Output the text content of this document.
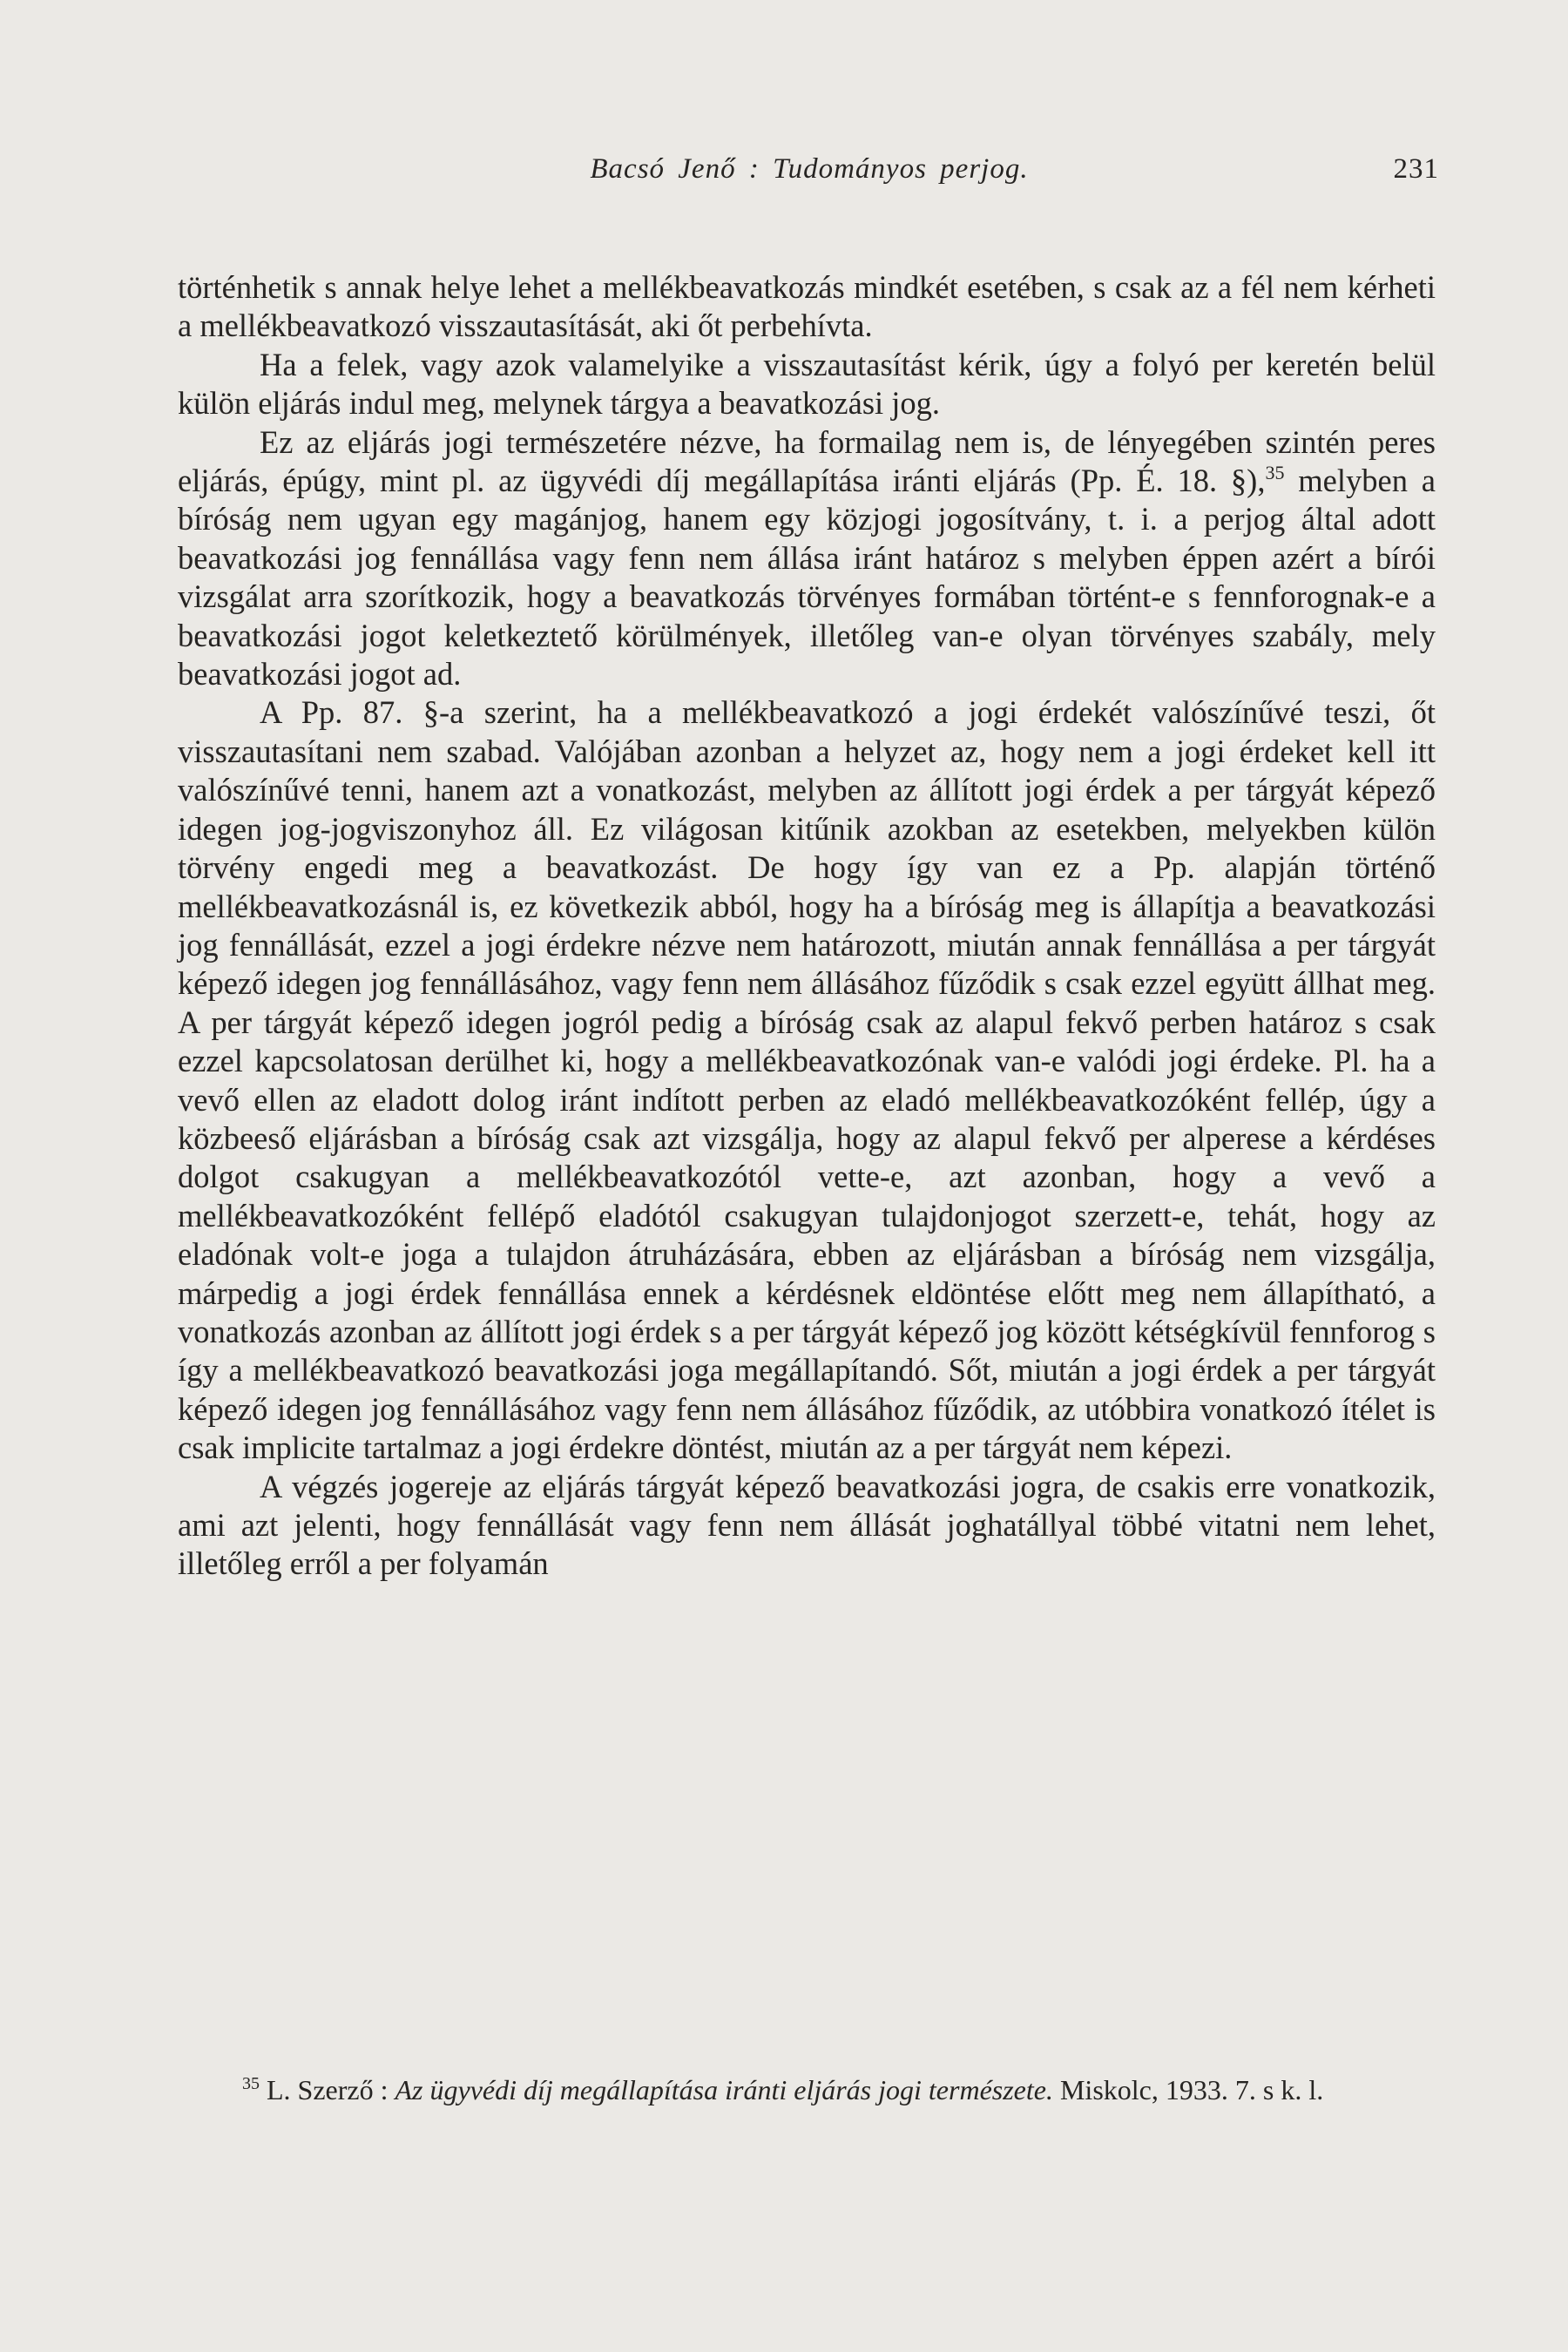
Bacsó Jenő : Tudományos perjog.	231

történhetik s annak helye lehet a mellékbeavatkozás mindkét esetében, s csak az a fél nem kérheti a mellékbeavatkozó visszautasítását, aki őt perbehívta.

Ha a felek, vagy azok valamelyike a visszautasítást kérik, úgy a folyó per keretén belül külön eljárás indul meg, melynek tárgya a beavatkozási jog.

Ez az eljárás jogi természetére nézve, ha formailag nem is, de lényegében szintén peres eljárás, épúgy, mint pl. az ügyvédi díj megállapítása iránti eljárás (Pp. É. 18. §),$^{35}$ melyben a bíróság nem ugyan egy magánjog, hanem egy közjogi jogosítvány, t. i. a perjog által adott beavatkozási jog fennállása vagy fenn nem állása iránt határoz s melyben éppen azért a bírói vizsgálat arra szorítkozik, hogy a beavatkozás törvényes formában történt-e s fennforognak-e a beavatkozási jogot keletkeztető körülmények, illetőleg van-e olyan törvényes szabály, mely beavatkozási jogot ad.

A Pp. 87. §-a szerint, ha a mellékbeavatkozó a jogi érdekét valószínűvé teszi, őt visszautasítani nem szabad. Valójában azonban a helyzet az, hogy nem a jogi érdeket kell itt valószínűvé tenni, hanem azt a vonatkozást, melyben az állított jogi érdek a per tárgyát képező idegen jog-jogviszonyhoz áll. Ez világosan kitűnik azokban az esetekben, melyekben külön törvény engedi meg a beavatkozást. De hogy így van ez a Pp. alapján történő mellékbeavatkozásnál is, ez következik abból, hogy ha a bíróság meg is állapítja a beavatkozási jog fennállását, ezzel a jogi érdekre nézve nem határozott, miután annak fennállása a per tárgyát képező idegen jog fennállásához, vagy fenn nem állásához fűződik s csak ezzel együtt állhat meg. A per tárgyát képező idegen jogról pedig a bíróság csak az alapul fekvő perben határoz s csak ezzel kapcsolatosan derülhet ki, hogy a mellékbeavatkozónak van-e valódi jogi érdeke. Pl. ha a vevő ellen az eladott dolog iránt indított perben az eladó mellékbeavatkozóként fellép, úgy a közbeeső eljárásban a bíróság csak azt vizsgálja, hogy az alapul fekvő per alperese a kérdéses dolgot csakugyan a mellékbeavatkozótól vette-e, azt azonban, hogy a vevő a mellékbeavatkozóként fellépő eladótól csakugyan tulajdonjogot szerzett-e, tehát, hogy az eladónak volt-e joga a tulajdon átruházására, ebben az eljárásban a bíróság nem vizsgálja, márpedig a jogi érdek fennállása ennek a kérdésnek eldöntése előtt meg nem állapítható, a vonatkozás azonban az állított jogi érdek s a per tárgyát képező jog között kétségkívül fennforog s így a mellékbeavatkozó beavatkozási joga megállapítandó. Sőt, miután a jogi érdek a per tárgyát képező idegen jog fennállásához vagy fenn nem állásához fűződik, az utóbbira vonatkozó ítélet is csak implicite tartalmaz a jogi érdekre döntést, miután az a per tárgyát nem képezi.

A végzés jogereje az eljárás tárgyát képező beavatkozási jogra, de csakis erre vonatkozik, ami azt jelenti, hogy fennállását vagy fenn nem állását joghatállyal többé vitatni nem lehet, illetőleg erről a per folyamán

$^{35}$ L. Szerző : Az ügyvédi díj megállapítása iránti eljárás jogi természete. Miskolc, 1933. 7. s k. l.
